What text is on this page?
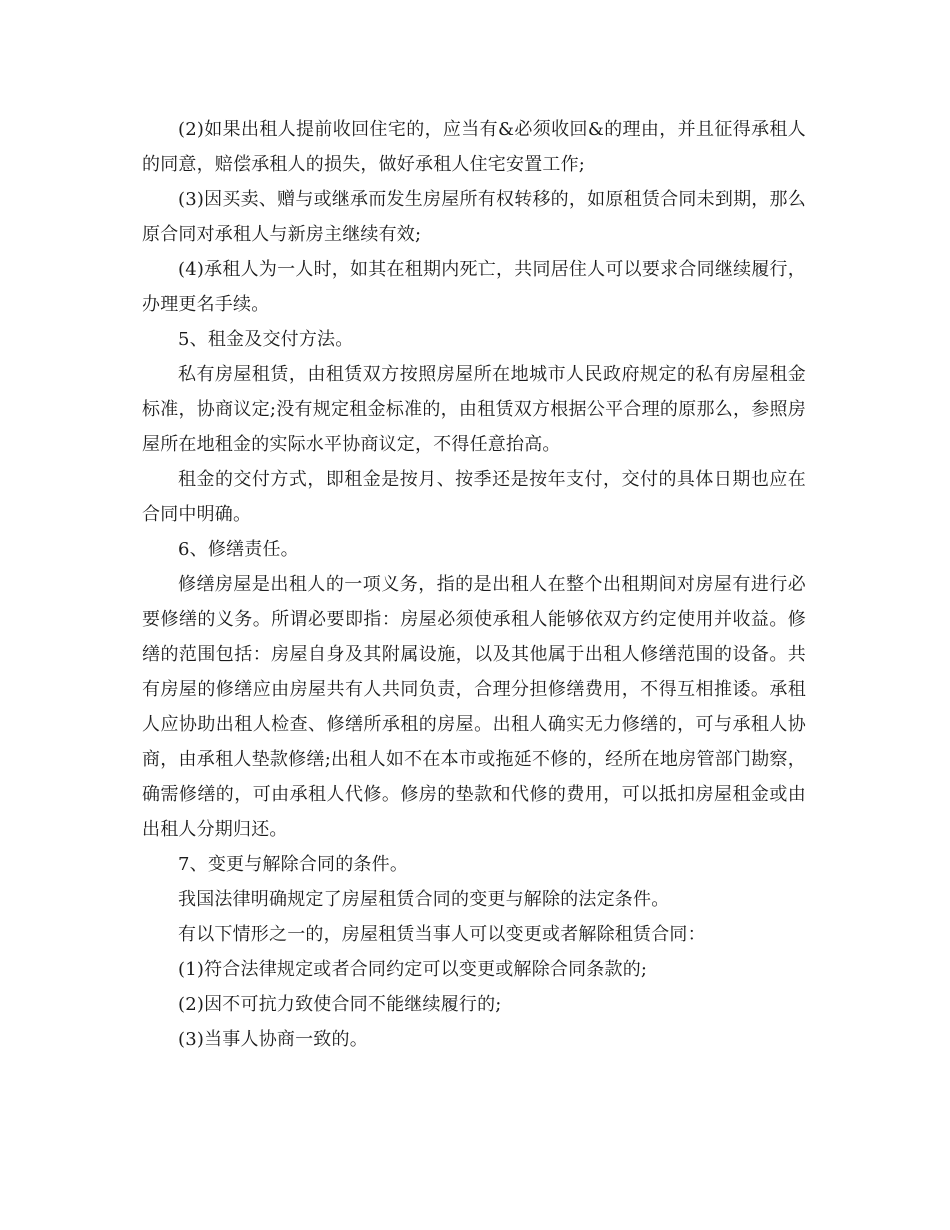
(2)如果出租人提前收回住宅的，应当有&必须收回&的理由，并且征得承租人的同意，赔偿承租人的损失，做好承租人住宅安置工作;

(3)因买卖、赠与或继承而发生房屋所有权转移的，如原租赁合同未到期，那么原合同对承租人与新房主继续有效;

(4)承租人为一人时，如其在租期内死亡，共同居住人可以要求合同继续履行，办理更名手续。

5、租金及交付方法。

私有房屋租赁，由租赁双方按照房屋所在地城市人民政府规定的私有房屋租金标准，协商议定;没有规定租金标准的，由租赁双方根据公平合理的原那么，参照房屋所在地租金的实际水平协商议定，不得任意抬高。

租金的交付方式，即租金是按月、按季还是按年支付，交付的具体日期也应在合同中明确。

6、修缮责任。

修缮房屋是出租人的一项义务，指的是出租人在整个出租期间对房屋有进行必要修缮的义务。所谓必要即指：房屋必须使承租人能够依双方约定使用并收益。修缮的范围包括：房屋自身及其附属设施，以及其他属于出租人修缮范围的设备。共有房屋的修缮应由房屋共有人共同负责，合理分担修缮费用，不得互相推诿。承租人应协助出租人检查、修缮所承租的房屋。出租人确实无力修缮的，可与承租人协商，由承租人垫款修缮;出租人如不在本市或拖延不修的，经所在地房管部门勘察，确需修缮的，可由承租人代修。修房的垫款和代修的费用，可以抵扣房屋租金或由出租人分期归还。

7、变更与解除合同的条件。

我国法律明确规定了房屋租赁合同的变更与解除的法定条件。

有以下情形之一的，房屋租赁当事人可以变更或者解除租赁合同：

(1)符合法律规定或者合同约定可以变更或解除合同条款的;

(2)因不可抗力致使合同不能继续履行的;

(3)当事人协商一致的。
